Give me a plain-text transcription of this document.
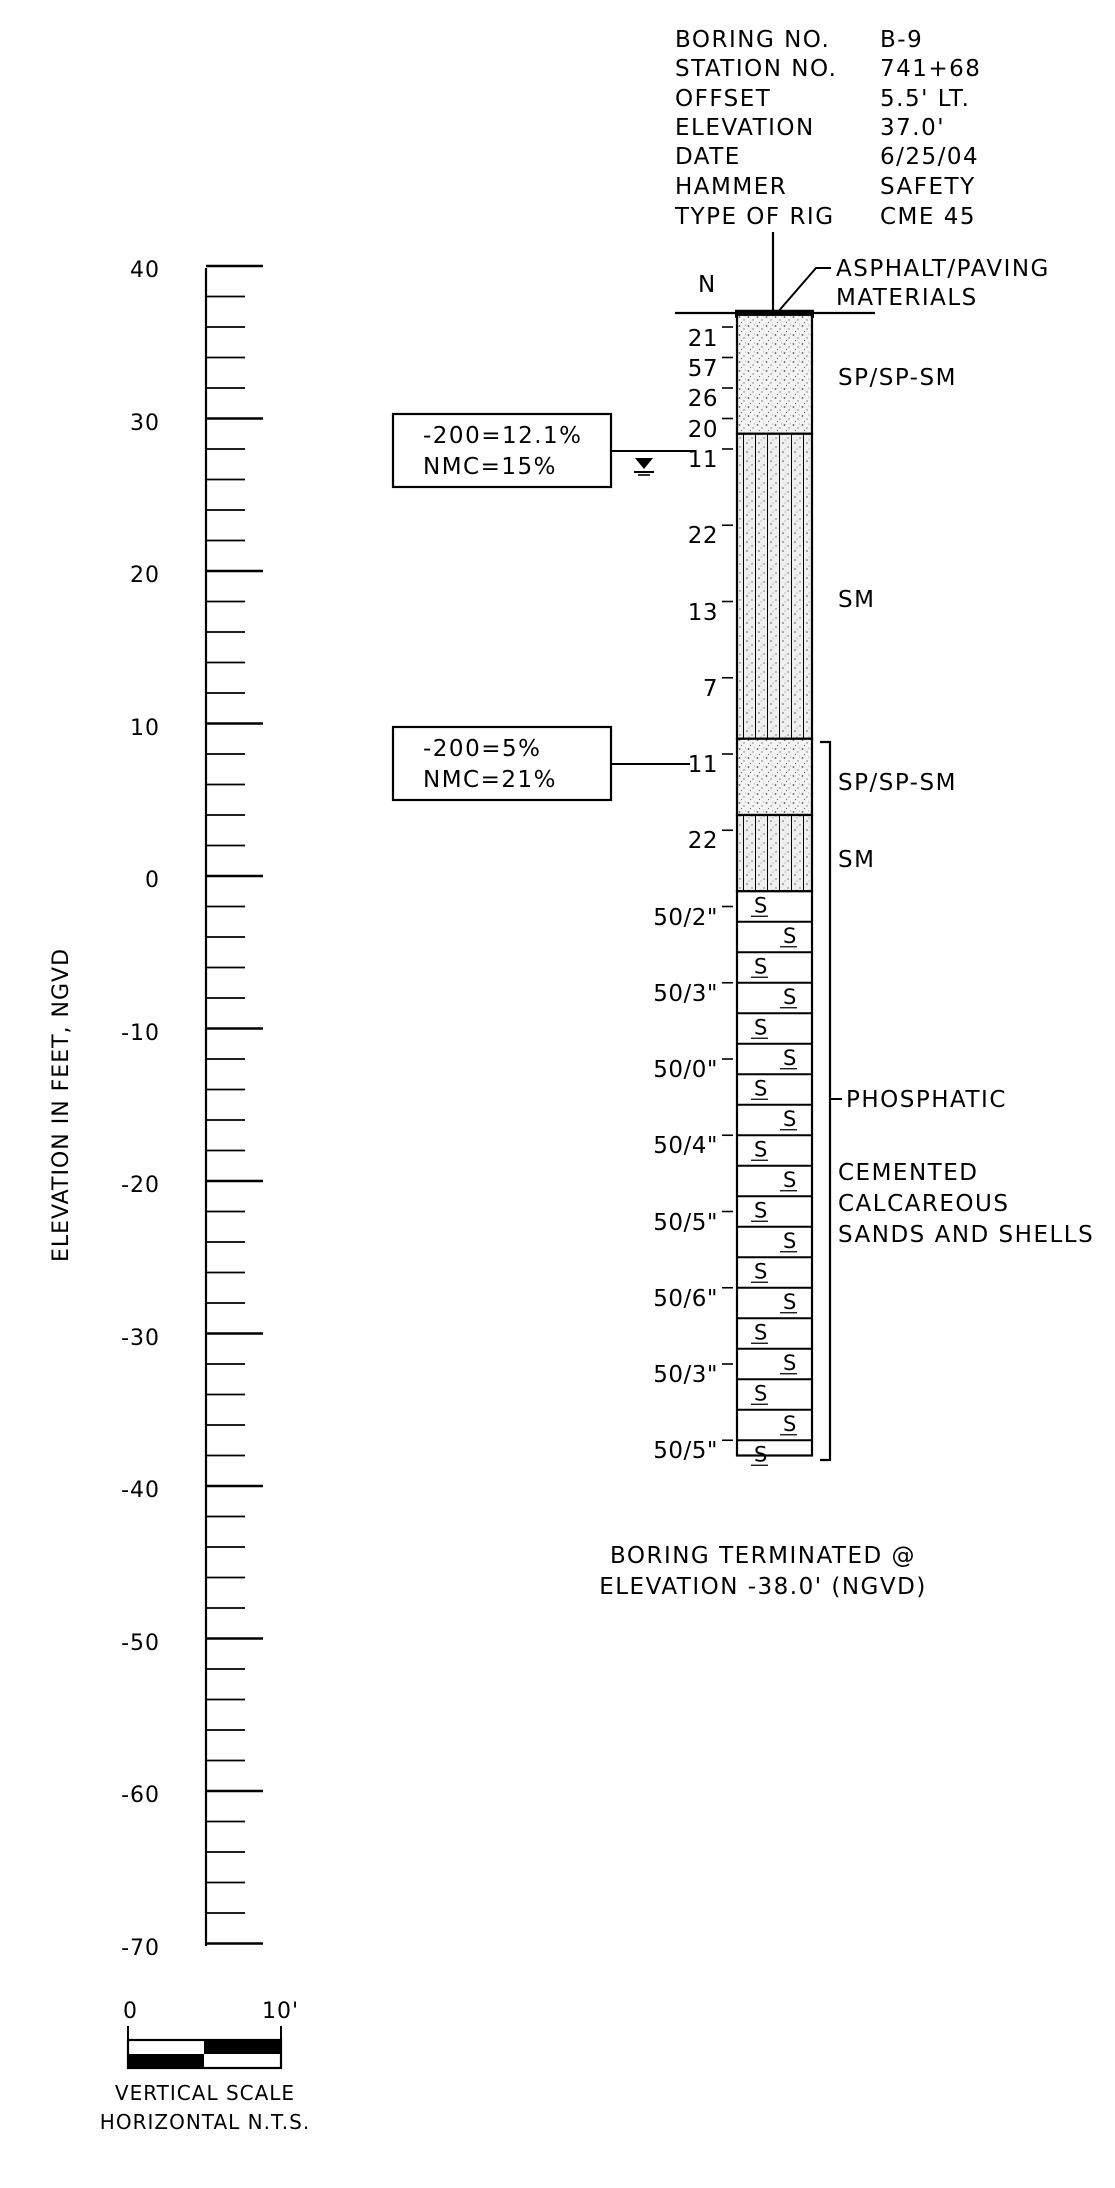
BORING NO.
STATION NO.
OFFSET
ELEVATION
DATE
HAMMER
TYPE OF RIG
B-9
741+68
5.5' LT.
37.0'
6/25/04
SAFETY
CME 45
N
ASPHALT/PAVING
MATERIALS
ELEVATION IN FEET, NGVD
40
30
20
10
0
-10
-20
-30
-40
-50
-60
-70
S
S
S
S
S
S
S
S
S
S
S
S
S
S
S
S
S
S
S
SP/SP-SM
SM
SP/SP-SM
SM
21
57
26
20
11
22
13
7
11
22
50/2"
50/3"
50/0"
50/4"
50/5"
50/6"
50/3"
50/5"
-200=12.1%
NMC=15%
-200=5%
NMC=21%
PHOSPHATIC
CEMENTED
CALCAREOUS
SANDS AND SHELLS
BORING TERMINATED @
ELEVATION -38.0' (NGVD)
0	10'
VERTICAL SCALE
HORIZONTAL N.T.S.
